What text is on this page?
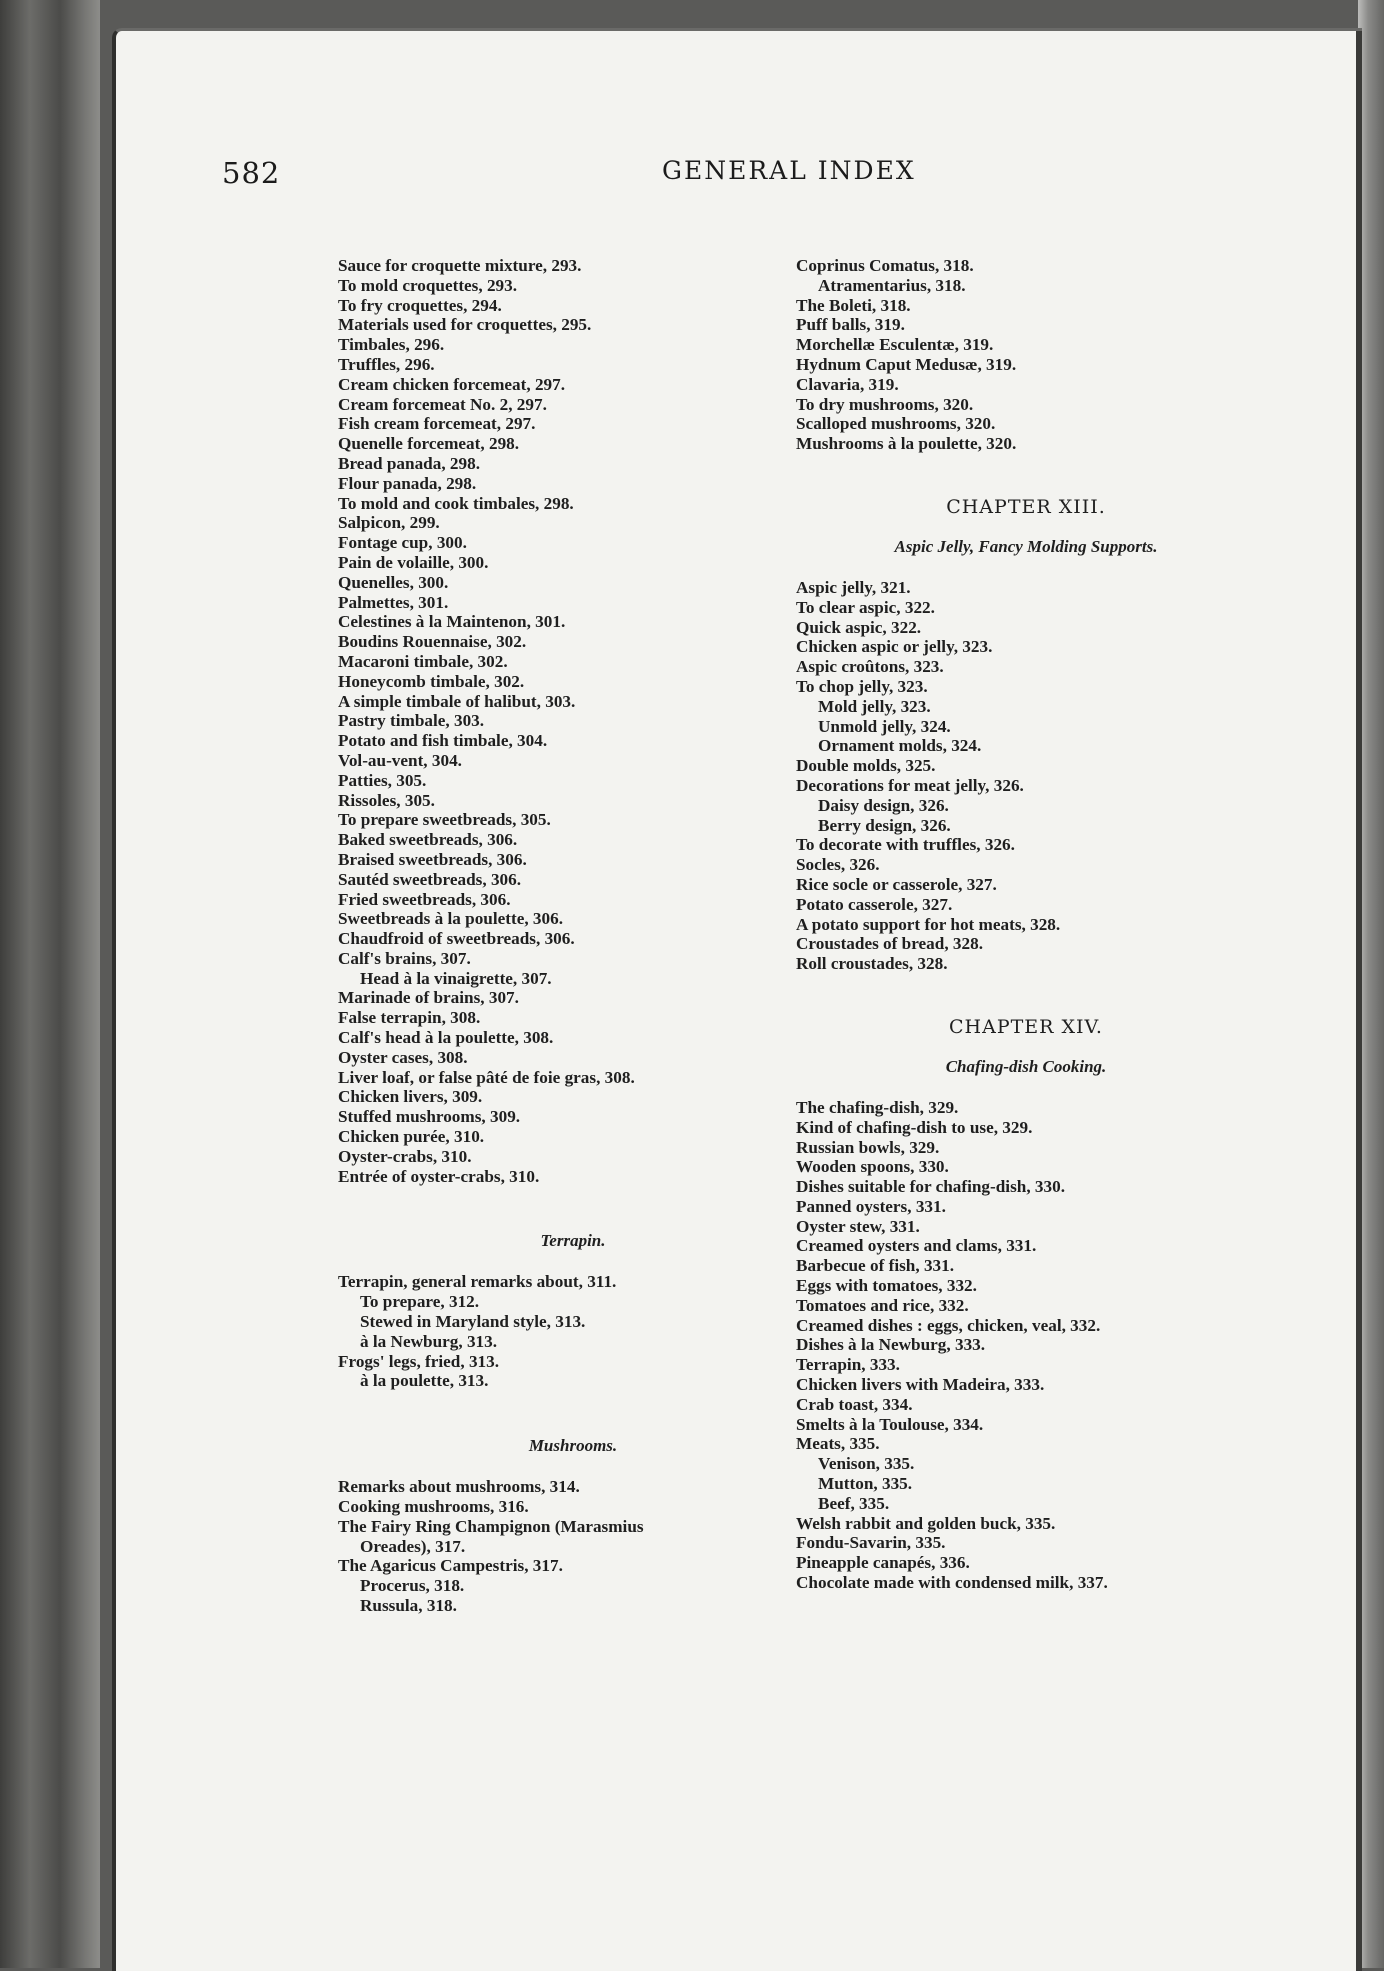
582	GENERAL INDEX
Sauce for croquette mixture, 293.
To mold croquettes, 293.
To fry croquettes, 294.
Materials used for croquettes, 295.
Timbales, 296.
Truffles, 296.
Cream chicken forcemeat, 297.
Cream forcemeat No. 2, 297.
Fish cream forcemeat, 297.
Quenelle forcemeat, 298.
Bread panada, 298.
Flour panada, 298.
To mold and cook timbales, 298.
Salpicon, 299.
Fontage cup, 300.
Pain de volaille, 300.
Quenelles, 300.
Palmettes, 301.
Celestines à la Maintenon, 301.
Boudins Rouennaise, 302.
Macaroni timbale, 302.
Honeycomb timbale, 302.
A simple timbale of halibut, 303.
Pastry timbale, 303.
Potato and fish timbale, 304.
Vol-au-vent, 304.
Patties, 305.
Rissoles, 305.
To prepare sweetbreads, 305.
Baked sweetbreads, 306.
Braised sweetbreads, 306.
Sautéd sweetbreads, 306.
Fried sweetbreads, 306.
Sweetbreads à la poulette, 306.
Chaudfroid of sweetbreads, 306.
Calf's brains, 307.
Head à la vinaigrette, 307.
Marinade of brains, 307.
False terrapin, 308.
Calf's head à la poulette, 308.
Oyster cases, 308.
Liver loaf, or false pâté de foie gras, 308.
Chicken livers, 309.
Stuffed mushrooms, 309.
Chicken purée, 310.
Oyster-crabs, 310.
Entrée of oyster-crabs, 310.
Terrapin.
Terrapin, general remarks about, 311.
To prepare, 312.
Stewed in Maryland style, 313.
à la Newburg, 313.
Frogs' legs, fried, 313.
à la poulette, 313.
Mushrooms.
Remarks about mushrooms, 314.
Cooking mushrooms, 316.
The Fairy Ring Champignon (Marasmius
Oreades), 317.
The Agaricus Campestris, 317.
Procerus, 318.
Russula, 318.
Coprinus Comatus, 318.
Atramentarius, 318.
The Boleti, 318.
Puff balls, 319.
Morchellæ Esculentæ, 319.
Hydnum Caput Medusæ, 319.
Clavaria, 319.
To dry mushrooms, 320.
Scalloped mushrooms, 320.
Mushrooms à la poulette, 320.
CHAPTER XIII.
Aspic Jelly, Fancy Molding Supports.
Aspic jelly, 321.
To clear aspic, 322.
Quick aspic, 322.
Chicken aspic or jelly, 323.
Aspic croûtons, 323.
To chop jelly, 323.
Mold jelly, 323.
Unmold jelly, 324.
Ornament molds, 324.
Double molds, 325.
Decorations for meat jelly, 326.
Daisy design, 326.
Berry design, 326.
To decorate with truffles, 326.
Socles, 326.
Rice socle or casserole, 327.
Potato casserole, 327.
A potato support for hot meats, 328.
Croustades of bread, 328.
Roll croustades, 328.
CHAPTER XIV.
Chafing-dish Cooking.
The chafing-dish, 329.
Kind of chafing-dish to use, 329.
Russian bowls, 329.
Wooden spoons, 330.
Dishes suitable for chafing-dish, 330.
Panned oysters, 331.
Oyster stew, 331.
Creamed oysters and clams, 331.
Barbecue of fish, 331.
Eggs with tomatoes, 332.
Tomatoes and rice, 332.
Creamed dishes : eggs, chicken, veal, 332.
Dishes à la Newburg, 333.
Terrapin, 333.
Chicken livers with Madeira, 333.
Crab toast, 334.
Smelts à la Toulouse, 334.
Meats, 335.
Venison, 335.
Mutton, 335.
Beef, 335.
Welsh rabbit and golden buck, 335.
Fondu-Savarin, 335.
Pineapple canapés, 336.
Chocolate made with condensed milk, 337.
